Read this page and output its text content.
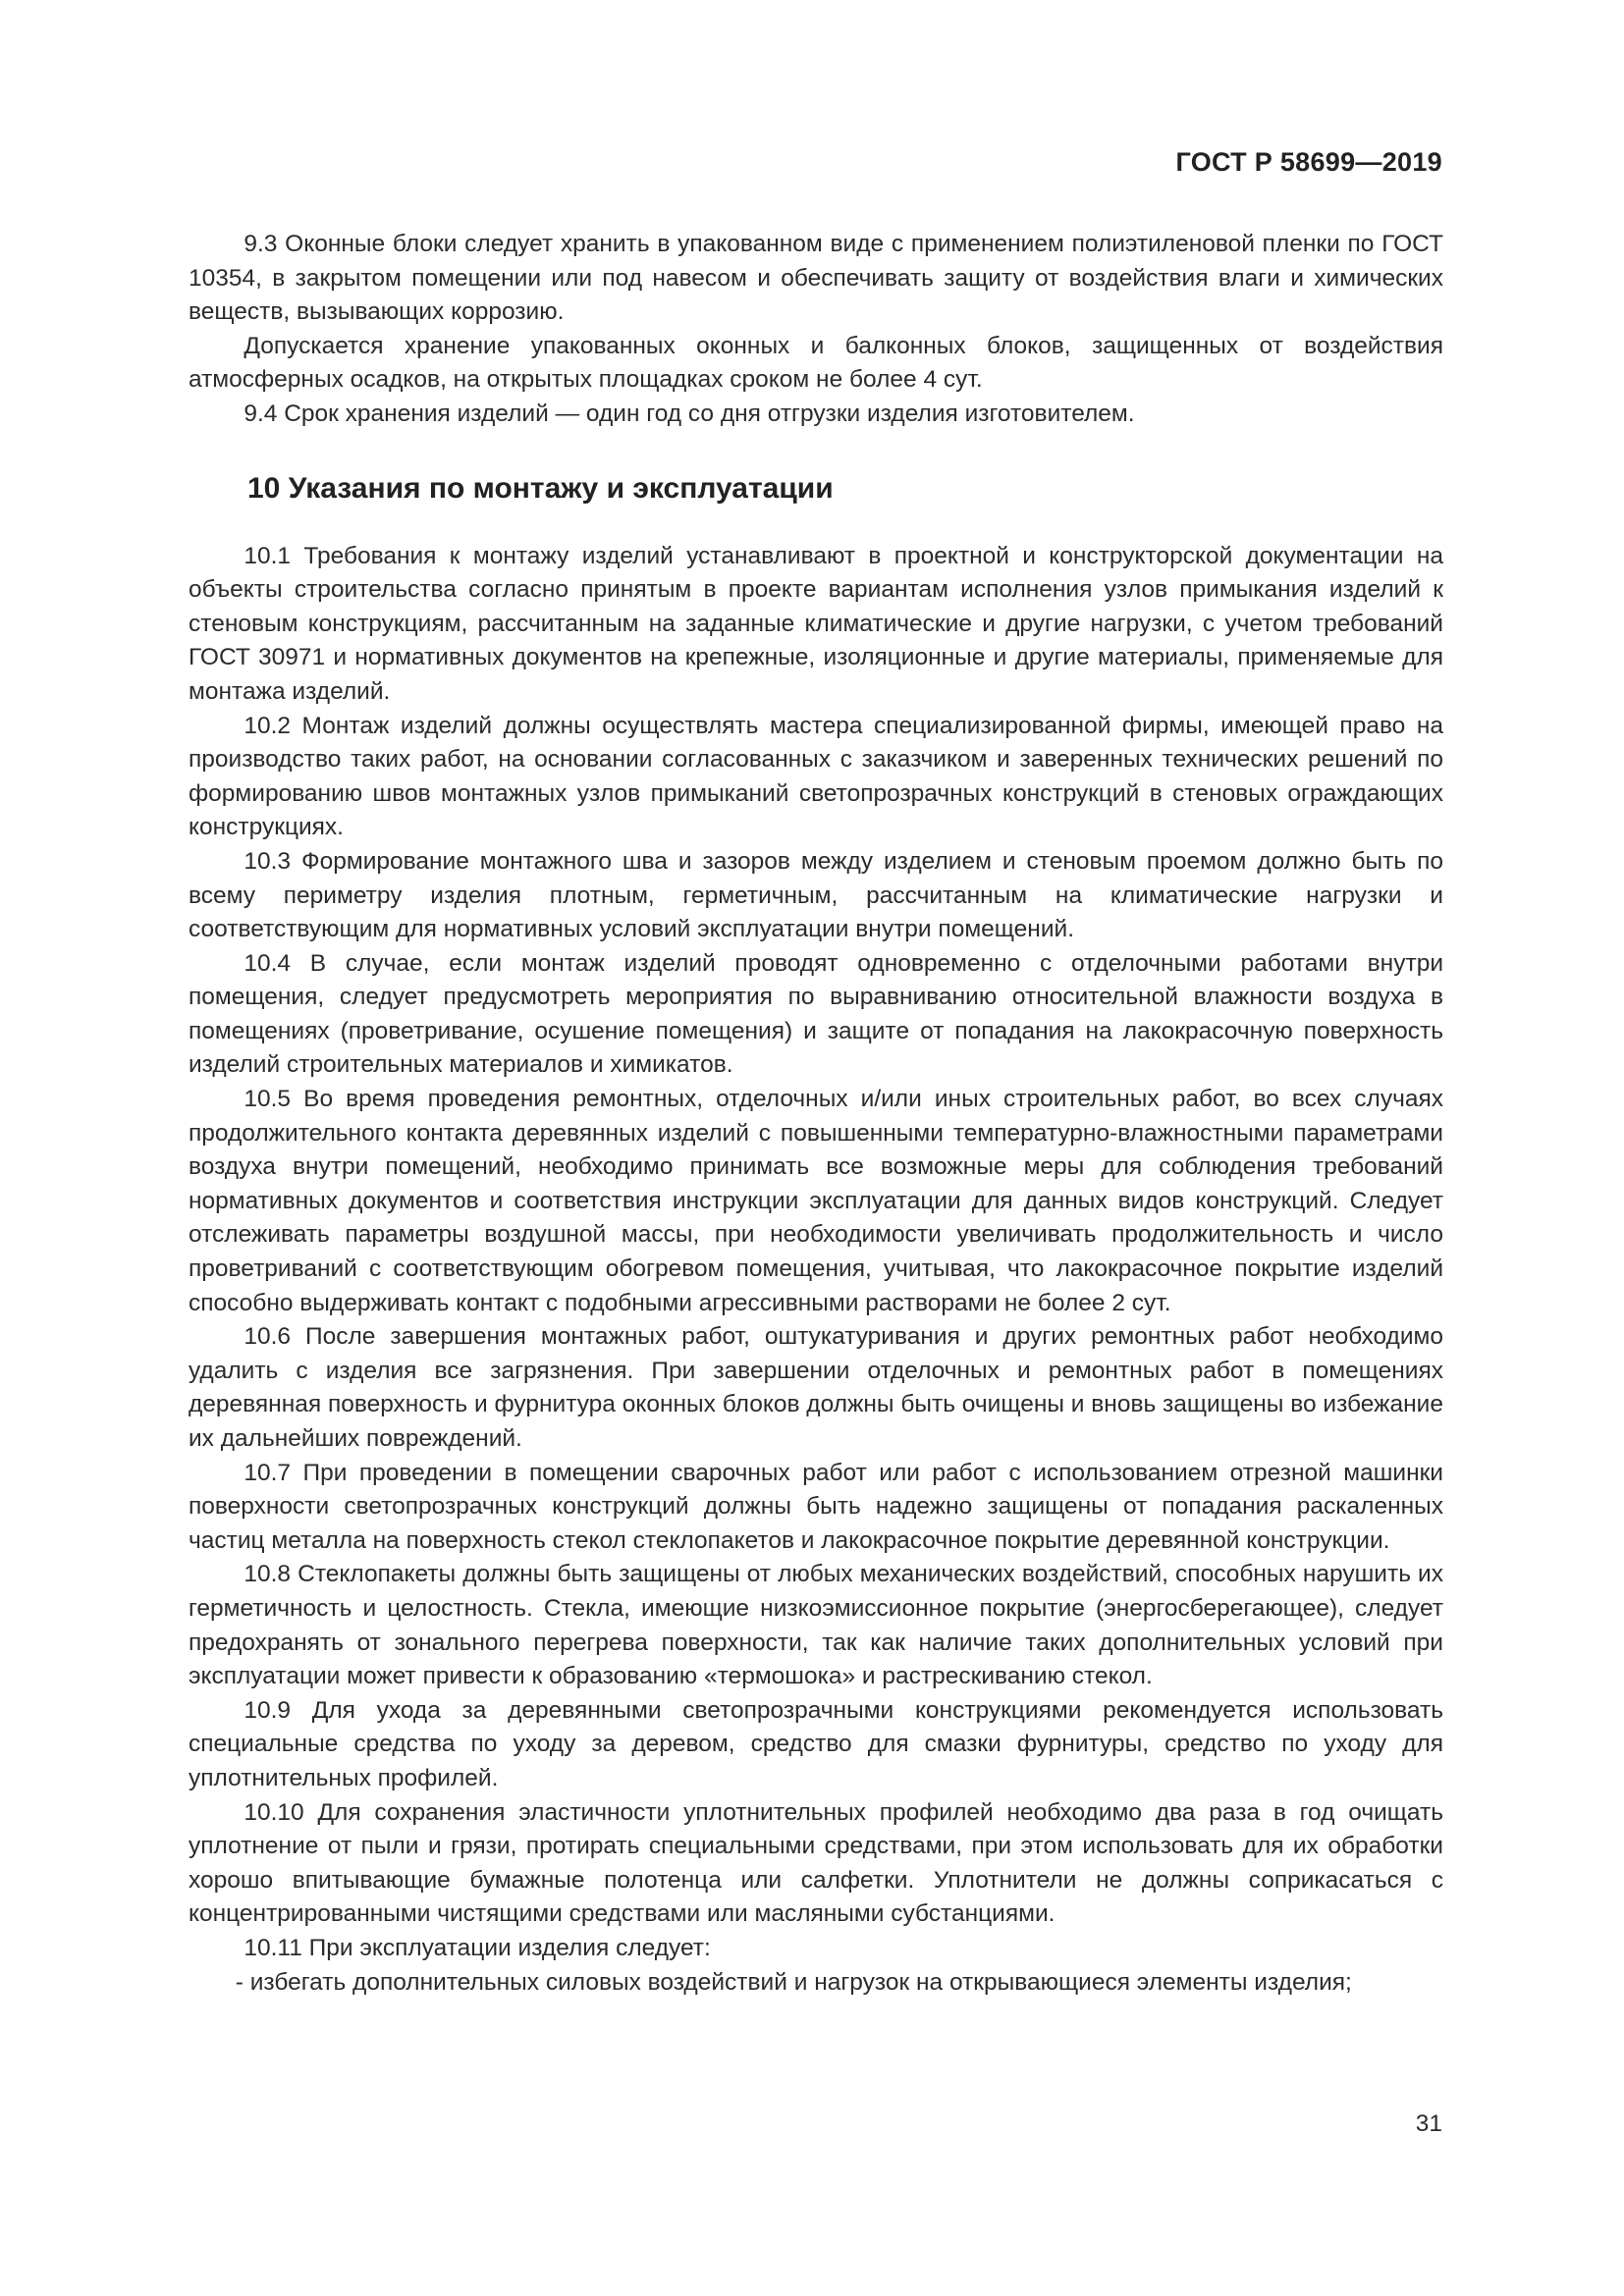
ГОСТ Р 58699—2019

9.3 Оконные блоки следует хранить в упакованном виде с применением полиэтиленовой пленки по ГОСТ 10354, в закрытом помещении или под навесом и обеспечивать защиту от воздействия влаги и химических веществ, вызывающих коррозию.

Допускается хранение упакованных оконных и балконных блоков, защищенных от воздействия атмосферных осадков, на открытых площадках сроком не более 4 сут.

9.4 Срок хранения изделий — один год со дня отгрузки изделия изготовителем.

10 Указания по монтажу и эксплуатации

10.1 Требования к монтажу изделий устанавливают в проектной и конструкторской документации на объекты строительства согласно принятым в проекте вариантам исполнения узлов примыкания изделий к стеновым конструкциям, рассчитанным на заданные климатические и другие нагрузки, с учетом требований ГОСТ 30971 и нормативных документов на крепежные, изоляционные и другие материалы, применяемые для монтажа изделий.

10.2 Монтаж изделий должны осуществлять мастера специализированной фирмы, имеющей право на производство таких работ, на основании согласованных с заказчиком и заверенных технических решений по формированию швов монтажных узлов примыканий светопрозрачных конструкций в стеновых ограждающих конструкциях.

10.3 Формирование монтажного шва и зазоров между изделием и стеновым проемом должно быть по всему периметру изделия плотным, герметичным, рассчитанным на климатические нагрузки и соответствующим для нормативных условий эксплуатации внутри помещений.

10.4 В случае, если монтаж изделий проводят одновременно с отделочными работами внутри помещения, следует предусмотреть мероприятия по выравниванию относительной влажности воздуха в помещениях (проветривание, осушение помещения) и защите от попадания на лакокрасочную поверхность изделий строительных материалов и химикатов.

10.5 Во время проведения ремонтных, отделочных и/или иных строительных работ, во всех случаях продолжительного контакта деревянных изделий с повышенными температурно-влажностными параметрами воздуха внутри помещений, необходимо принимать все возможные меры для соблюдения требований нормативных документов и соответствия инструкции эксплуатации для данных видов конструкций. Следует отслеживать параметры воздушной массы, при необходимости увеличивать продолжительность и число проветриваний с соответствующим обогревом помещения, учитывая, что лакокрасочное покрытие изделий способно выдерживать контакт с подобными агрессивными растворами не более 2 сут.

10.6 После завершения монтажных работ, оштукатуривания и других ремонтных работ необходимо удалить с изделия все загрязнения. При завершении отделочных и ремонтных работ в помещениях деревянная поверхность и фурнитура оконных блоков должны быть очищены и вновь защищены во избежание их дальнейших повреждений.

10.7 При проведении в помещении сварочных работ или работ с использованием отрезной машинки поверхности светопрозрачных конструкций должны быть надежно защищены от попадания раскаленных частиц металла на поверхность стекол стеклопакетов и лакокрасочное покрытие деревянной конструкции.

10.8 Стеклопакеты должны быть защищены от любых механических воздействий, способных нарушить их герметичность и целостность. Стекла, имеющие низкоэмиссионное покрытие (энергосберегающее), следует предохранять от зонального перегрева поверхности, так как наличие таких дополнительных условий при эксплуатации может привести к образованию «термошока» и растрескиванию стекол.

10.9 Для ухода за деревянными светопрозрачными конструкциями рекомендуется использовать специальные средства по уходу за деревом, средство для смазки фурнитуры, средство по уходу для уплотнительных профилей.

10.10 Для сохранения эластичности уплотнительных профилей необходимо два раза в год очищать уплотнение от пыли и грязи, протирать специальными средствами, при этом использовать для их обработки хорошо впитывающие бумажные полотенца или салфетки. Уплотнители не должны соприкасаться с концентрированными чистящими средствами или масляными субстанциями.

10.11 При эксплуатации изделия следует:

- избегать дополнительных силовых воздействий и нагрузок на открывающиеся элементы изделия;

31
